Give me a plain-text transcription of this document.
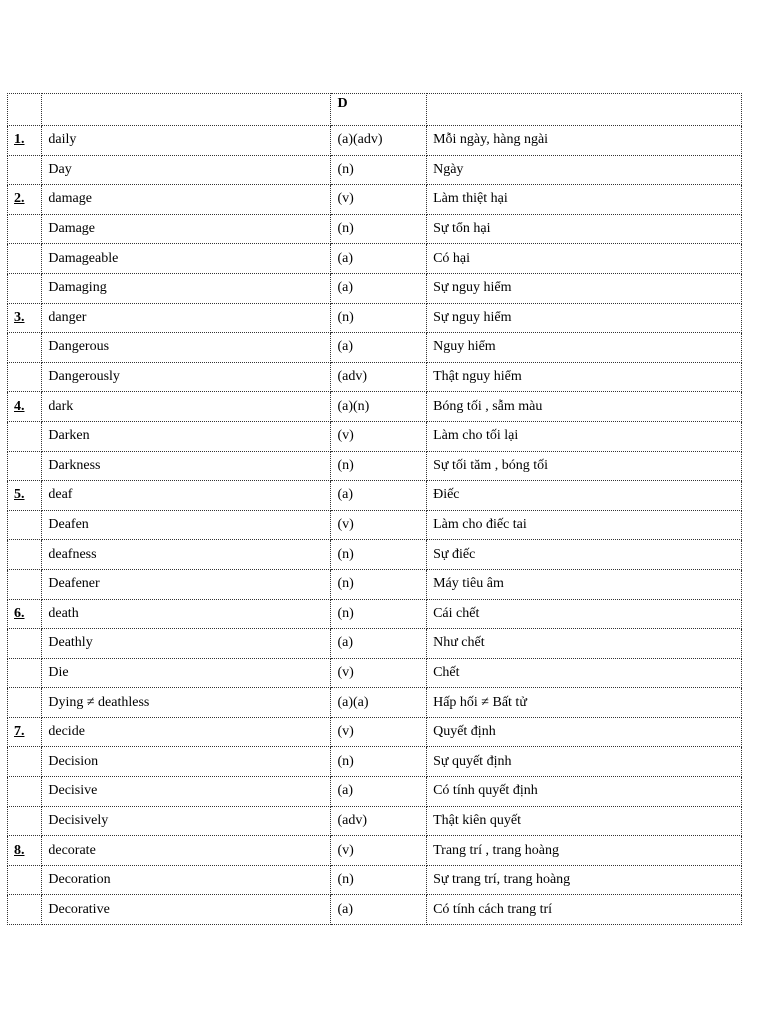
		D	
1.	daily	(a)(adv)	Mỗi ngày, hàng ngài
	Day	(n)	Ngày
2.	damage	(v)	Làm thiệt hại
	Damage	(n)	Sự tổn hại
	Damageable	(a)	Có hại
	Damaging	(a)	Sự nguy hiểm
3.	danger	(n)	Sự nguy hiểm
	Dangerous	(a)	Nguy hiểm
	Dangerously	(adv)	Thật nguy hiểm
4.	dark	(a)(n)	Bóng tối , sẫm màu
	Darken	(v)	Làm cho tối lại
	Darkness	(n)	Sự tối tăm , bóng tối
5.	deaf	(a)	Điếc
	Deafen	(v)	Làm cho điếc tai
	deafness	(n)	Sự điếc
	Deafener	(n)	Máy tiêu âm
6.	death	(n)	Cái chết
	Deathly	(a)	Như chết
	Die	(v)	Chết
	Dying ≠ deathless	(a)(a)	Hấp hối ≠ Bất tử
7.	decide	(v)	Quyết định
	Decision	(n)	Sự quyết định
	Decisive	(a)	Có tính quyết định
	Decisively	(adv)	Thật kiên quyết
8.	decorate	(v)	Trang trí , trang hoàng
	Decoration	(n)	Sự trang trí, trang hoàng
	Decorative	(a)	Có tính cách trang trí
